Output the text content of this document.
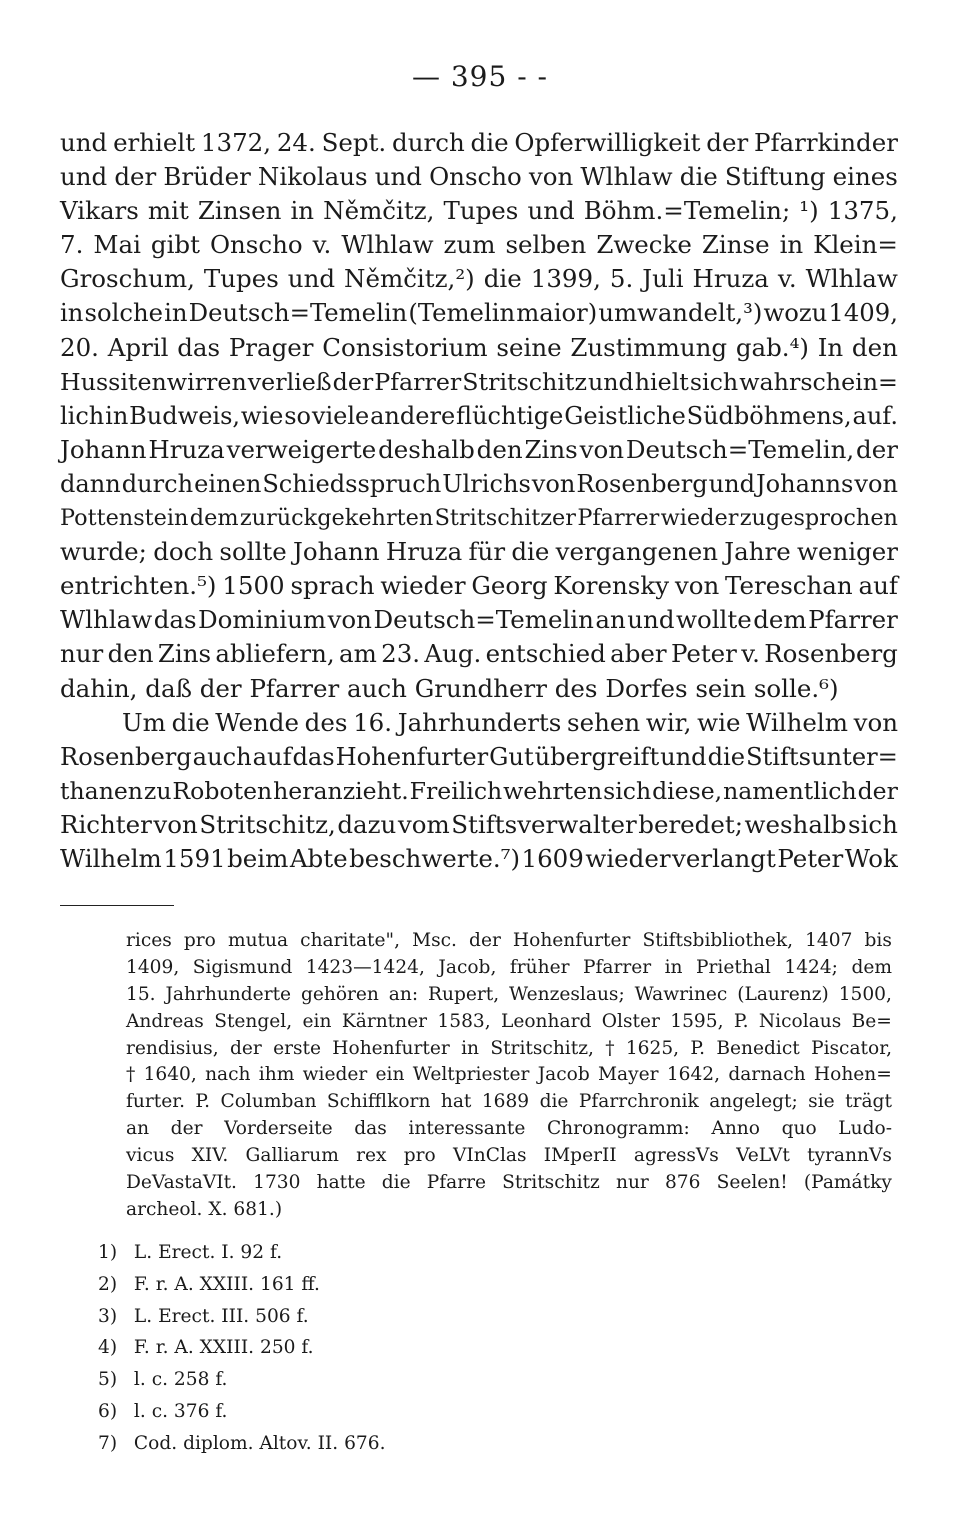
— 395 - -
und erhielt 1372, 24. Sept. durch die Opferwilligkeit der Pfarrkinder
und der Brüder Nikolaus und Onscho von Wlhlaw die Stiftung eines
Vikars mit Zinsen in Němčitz, Tupes und Böhm.=Temelin; ¹) 1375,
7. Mai gibt Onscho v. Wlhlaw zum selben Zwecke Zinse in Klein=
Groschum, Tupes und Němčitz,²) die 1399, 5. Juli Hruza v. Wlhlaw
in solche in Deutsch=Temelin (Temelin maior) umwandelt,³) wozu 1409,
20. April das Prager Consistorium seine Zustimmung gab.⁴) In den
Hussitenwirren verließ der Pfarrer Stritschitz und hielt sich wahrschein=
lich in Budweis, wie so viele andere flüchtige Geistliche Südböhmens, auf.
Johann Hruza verweigerte deshalb den Zins von Deutsch=Temelin, der
dann durch einen Schiedsspruch Ulrichs von Rosenberg und Johanns von
Pottenstein dem zurückgekehrten Stritschitzer Pfarrer wieder zugesprochen
wurde; doch sollte Johann Hruza für die vergangenen Jahre weniger
entrichten.⁵) 1500 sprach wieder Georg Korensky von Tereschan auf
Wlhlaw das Dominium von Deutsch=Temelin an und wollte dem Pfarrer
nur den Zins abliefern, am 23. Aug. entschied aber Peter v. Rosenberg
dahin,
daß
der
Pfarrer
auch
Grundherr
des
Dorfes
sein
solle.⁶)
Um die Wende des 16. Jahrhunderts sehen wir, wie Wilhelm von
Rosenberg auch auf das Hohenfurter Gut übergreift und die Stiftsunter=
thanen zu Roboten heranzieht. Freilich wehrten sich diese, namentlich der
Richter von Stritschitz, dazu vom Stiftsverwalter beredet; weshalb sich
Wilhelm 1591 beim Abte beschwerte.⁷) 1609 wieder verlangt Peter Wok
rices pro mutua charitate", Msc. der Hohenfurter Stiftsbibliothek, 1407 bis
1409, Sigismund 1423—1424, Jacob, früher Pfarrer in Priethal 1424; dem
15. Jahrhunderte gehören an: Rupert, Wenzeslaus; Wawrinec (Laurenz) 1500,
Andreas Stengel, ein Kärntner 1583, Leonhard Olster 1595, P. Nicolaus Be=
rendisius, der erste Hohenfurter in Stritschitz, † 1625, P. Benedict Piscator,
† 1640, nach ihm wieder ein Weltpriester Jacob Mayer 1642, darnach Hohen=
furter. P. Columban Schifflkorn hat 1689 die Pfarrchronik angelegt; sie trägt
an der Vorderseite das interessante Chronogramm: Anno quo Ludo-
vicus XIV. Galliarum rex pro VInClas IMperII agressVs VeLVt tyrannVs
DeVastaVIt. 1730 hatte die Pfarre Stritschitz nur 876 Seelen! (Památky
archeol.
X.
681.)
1) L. Erect. I. 92 f.
2) F. r. A. XXIII. 161 ff.
3) L. Erect. III. 506 f.
4) F. r. A. XXIII. 250 f.
5) l. c. 258 f.
6) l. c. 376 f.
7) Cod. diplom. Altov. II. 676.
